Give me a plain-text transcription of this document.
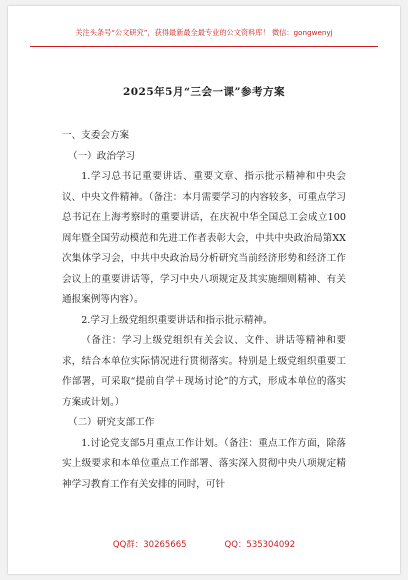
关注头条号“公文研究”，获得最新最全最专业的公文资料库！ 微信：gongwenyj
2025年5月“三会一课”参考方案

一、支委会方案

（一）政治学习

1.学习总书记重要讲话、重要文章、指示批示精神和中央会议、中央文件精神。（备注：本月需要学习的内容较多，可重点学习总书记在上海考察时的重要讲话，在庆祝中华全国总工会成立100周年暨全国劳动模范和先进工作者表彰大会，中共中央政治局第XX次集体学习会，中共中央政治局分析研究当前经济形势和经济工作会议上的重要讲话等，学习中央八项规定及其实施细则精神、有关通报案例等内容）。

2.学习上级党组织重要讲话和指示批示精神。

（备注：学习上级党组织有关会议、文件、讲话等精神和要求，结合本单位实际情况进行贯彻落实。特别是上级党组织重要工作部署，可采取“提前自学＋现场讨论”的方式，形成本单位的落实方案或计划。）

（二）研究支部工作

1.讨论党支部5月重点工作计划。（备注：重点工作方面，除落实上级要求和本单位重点工作部署、落实深入贯彻中央八项规定精神学习教育工作有关安排的同时，可针

QQ群：30265665	QQ：535304092
